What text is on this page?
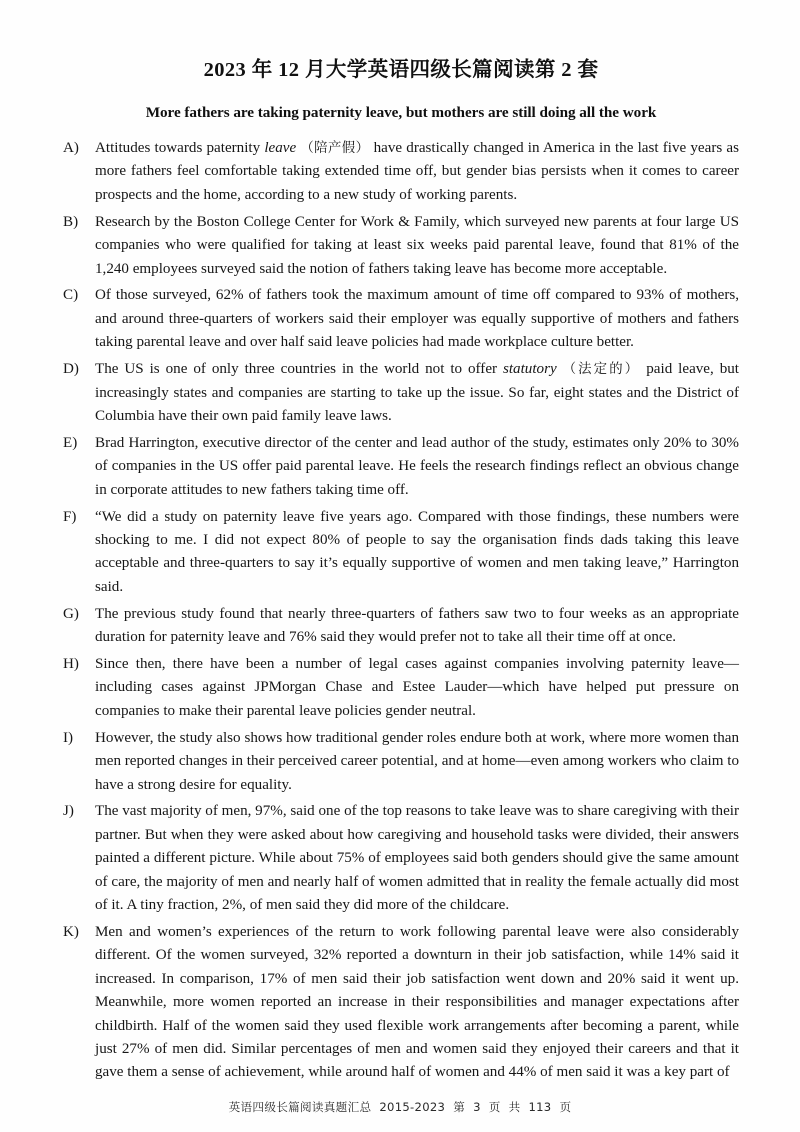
2023 年 12 月大学英语四级长篇阅读第 2 套
More fathers are taking paternity leave, but mothers are still doing all the work
A)	Attitudes towards paternity leave （陪产假） have drastically changed in America in the last five years as more fathers feel comfortable taking extended time off, but gender bias persists when it comes to career prospects and the home, according to a new study of working parents.
B)	Research by the Boston College Center for Work & Family, which surveyed new parents at four large US companies who were qualified for taking at least six weeks paid parental leave, found that 81% of the 1,240 employees surveyed said the notion of fathers taking leave has become more acceptable.
C)	Of those surveyed, 62% of fathers took the maximum amount of time off compared to 93% of mothers, and around three-quarters of workers said their employer was equally supportive of mothers and fathers taking parental leave and over half said leave policies had made workplace culture better.
D)	The US is one of only three countries in the world not to offer statutory （法定的） paid leave, but increasingly states and companies are starting to take up the issue. So far, eight states and the District of Columbia have their own paid family leave laws.
E)	Brad Harrington, executive director of the center and lead author of the study, estimates only 20% to 30% of companies in the US offer paid parental leave. He feels the research findings reflect an obvious change in corporate attitudes to new fathers taking time off.
F)	“We did a study on paternity leave five years ago. Compared with those findings, these numbers were shocking to me. I did not expect 80% of people to say the organisation finds dads taking this leave acceptable and three-quarters to say it’s equally supportive of women and men taking leave,” Harrington said.
G)	The previous study found that nearly three-quarters of fathers saw two to four weeks as an appropriate duration for paternity leave and 76% said they would prefer not to take all their time off at once.
H)	Since then, there have been a number of legal cases against companies involving paternity leave—including cases against JPMorgan Chase and Estee Lauder—which have helped put pressure on companies to make their parental leave policies gender neutral.
I)	However, the study also shows how traditional gender roles endure both at work, where more women than men reported changes in their perceived career potential, and at home—even among workers who claim to have a strong desire for equality.
J)	The vast majority of men, 97%, said one of the top reasons to take leave was to share caregiving with their partner. But when they were asked about how caregiving and household tasks were divided, their answers painted a different picture. While about 75% of employees said both genders should give the same amount of care, the majority of men and nearly half of women admitted that in reality the female actually did most of it. A tiny fraction, 2%, of men said they did more of the childcare.
K)	Men and women’s experiences of the return to work following parental leave were also considerably different. Of the women surveyed, 32% reported a downturn in their job satisfaction, while 14% said it increased. In comparison, 17% of men said their job satisfaction went down and 20% said it went up. Meanwhile, more women reported an increase in their responsibilities and manager expectations after childbirth. Half of the women said they used flexible work arrangements after becoming a parent, while just 27% of men did. Similar percentages of men and women said they enjoyed their careers and that it gave them a sense of achievement, while around half of women and 44% of men said it was a key part of
英语四级长篇阅读真题汇总  2015-2023  第  3  页  共  113  页
